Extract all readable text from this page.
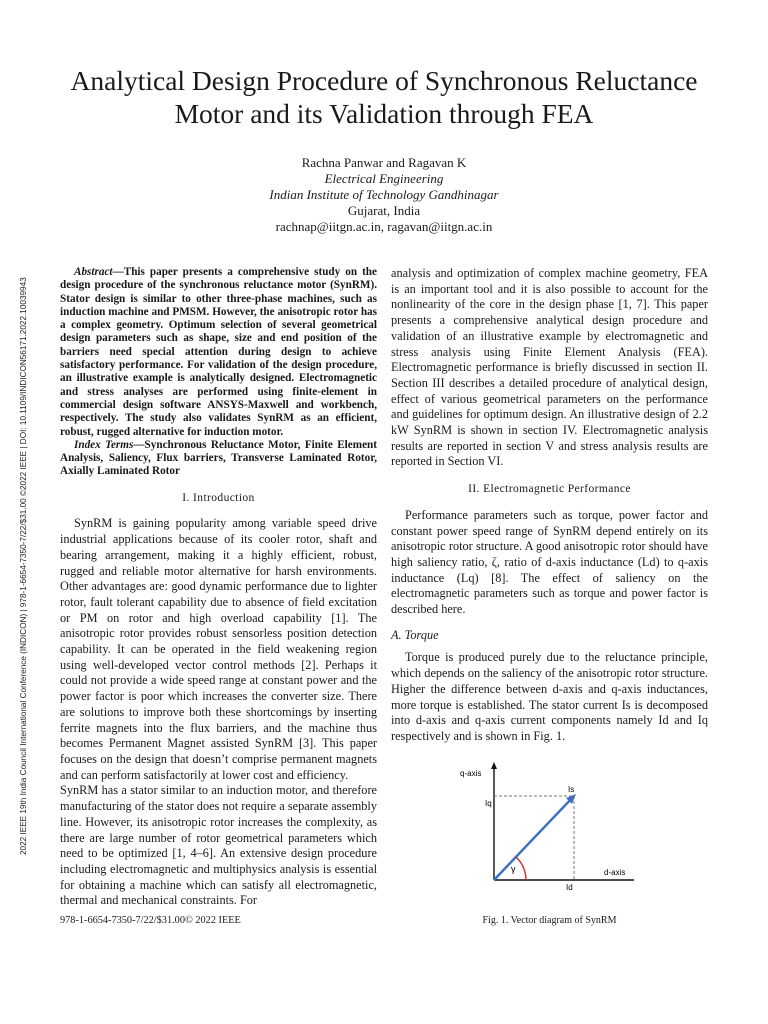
2022 IEEE 19th India Council International Conference (INDICON) | 978-1-6654-7350-7/22/$31.00 ©2022 IEEE | DOI: 10.1109/INDICON56171.2022.10039943
Analytical Design Procedure of Synchronous Reluctance Motor and its Validation through FEA
Rachna Panwar and Ragavan K
Electrical Engineering
Indian Institute of Technology Gandhinagar
Gujarat, India
rachnap@iitgn.ac.in, ragavan@iitgn.ac.in

Abstract—This paper presents a comprehensive study on the design procedure of the synchronous reluctance motor (SynRM). Stator design is similar to other three-phase machines, such as induction machine and PMSM. However, the anisotropic rotor has a complex geometry. Optimum selection of several geometrical design parameters such as shape, size and end position of the barriers need special attention during design to achieve satisfactory performance. For validation of the design procedure, an illustrative example is analytically designed. Electromagnetic and stress analyses are performed using finite-element in commercial design software ANSYS-Maxwell and workbench, respectively. The study also validates SynRM as an efficient, robust, rugged alternative for induction motor.

Index Terms—Synchronous Reluctance Motor, Finite Element Analysis, Saliency, Flux barriers, Transverse Laminated Rotor, Axially Laminated Rotor

I. Introduction

SynRM is gaining popularity among variable speed drive industrial applications because of its cooler rotor, shaft and bearing arrangement, making it a highly efficient, robust, rugged and reliable motor alternative for harsh environments. Other advantages are: good dynamic performance due to lighter rotor, fault tolerant capability due to absence of field excitation or PM on rotor and high overload capability [1]. The anisotropic rotor provides robust sensorless position detection capability. It can be operated in the field weakening region using well-developed vector control methods [2]. Perhaps it could not provide a wide speed range at constant power and the power factor is poor which increases the converter size. There are solutions to improve both these shortcomings by inserting ferrite magnets into the flux barriers, and the machine thus becomes Permanent Magnet assisted SynRM [3]. This paper focuses on the design that doesn’t comprise permanent magnets and can perform satisfactorily at lower cost and efficiency.

SynRM has a stator similar to an induction motor, and therefore manufacturing of the stator does not require a separate assembly line. However, its anisotropic rotor increases the complexity, as there are large number of rotor geometrical parameters which need to be optimized [1, 4–6]. An extensive design procedure including electromagnetic and multiphysics analysis is essential for obtaining a machine which can satisfy all electromagnetic, thermal and mechanical constraints. For

analysis and optimization of complex machine geometry, FEA is an important tool and it is also possible to account for the nonlinearity of the core in the design phase [1, 7]. This paper presents a comprehensive analytical design procedure and validation of an illustrative example by electromagnetic and stress analysis using Finite Element Analysis (FEA). Electromagnetic performance is briefly discussed in section II. Section III describes a detailed procedure of analytical design, effect of various geometrical parameters on the performance and guidelines for optimum design. An illustrative design of 2.2 kW SynRM is shown in section IV. Electromagnetic analysis results are reported in section V and stress analysis results are reported in Section VI.

II. Electromagnetic Performance

Performance parameters such as torque, power factor and constant power speed range of SynRM depend entirely on its anisotropic rotor structure. A good anisotropic rotor should have high saliency ratio, ζ, ratio of d-axis inductance (Ld) to q-axis inductance (Lq) [8]. The effect of saliency on the electromagnetic parameters such as torque and power factor is described here.

A. Torque

Torque is produced purely due to the reluctance principle, which depends on the saliency of the anisotropic rotor structure. Higher the difference between d-axis and q-axis inductances, more torque is established. The stator current Is is decomposed into d-axis and q-axis current components namely Id and Iq respectively and is shown in Fig. 1.

q-axis
d-axis
Is
Iq
Id
γ
Fig. 1. Vector diagram of SynRM
978-1-6654-7350-7/22/$31.00© 2022 IEEE
